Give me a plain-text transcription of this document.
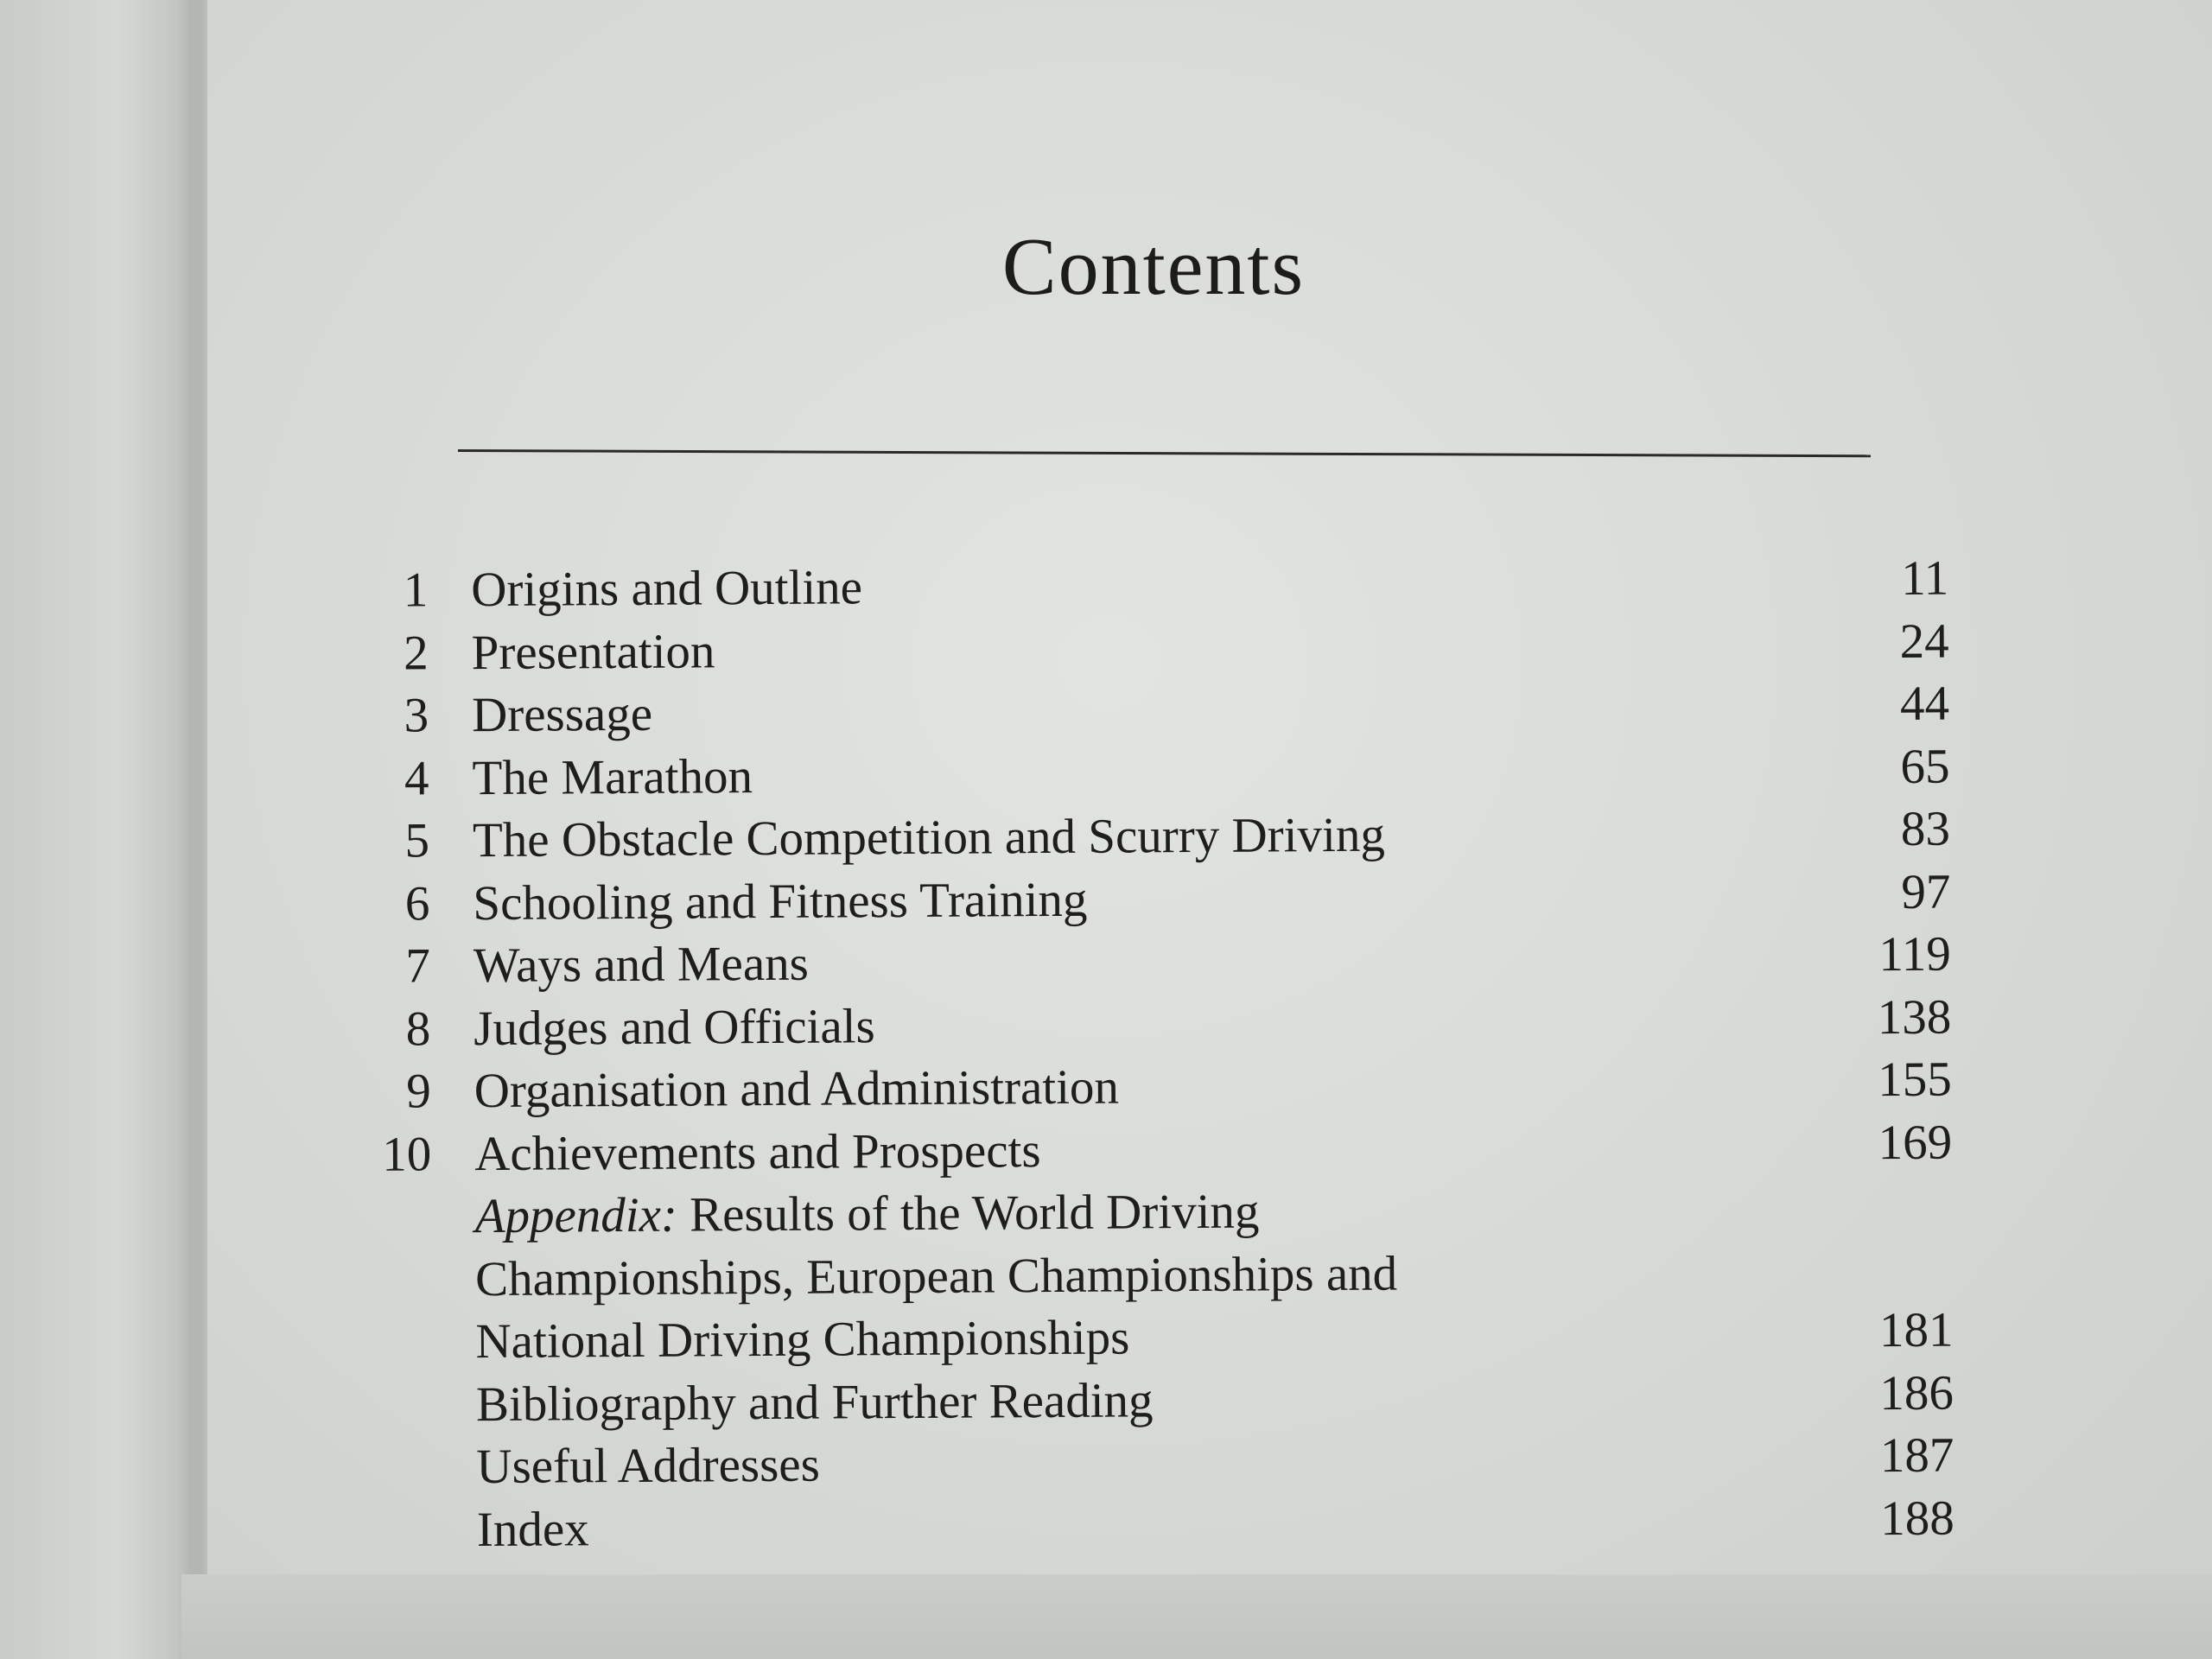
Contents
1 Origins and Outline	11
2 Presentation	24
3 Dressage	44
4 The Marathon	65
5 The Obstacle Competition and Scurry Driving	83
6 Schooling and Fitness Training	97
7 Ways and Means	119
8 Judges and Officials	138
9 Organisation and Administration	155
10 Achievements and Prospects	169
Appendix: Results of the World Driving
Championships, European Championships and
National Driving Championships	181
Bibliography and Further Reading	186
Useful Addresses	187
Index	188
